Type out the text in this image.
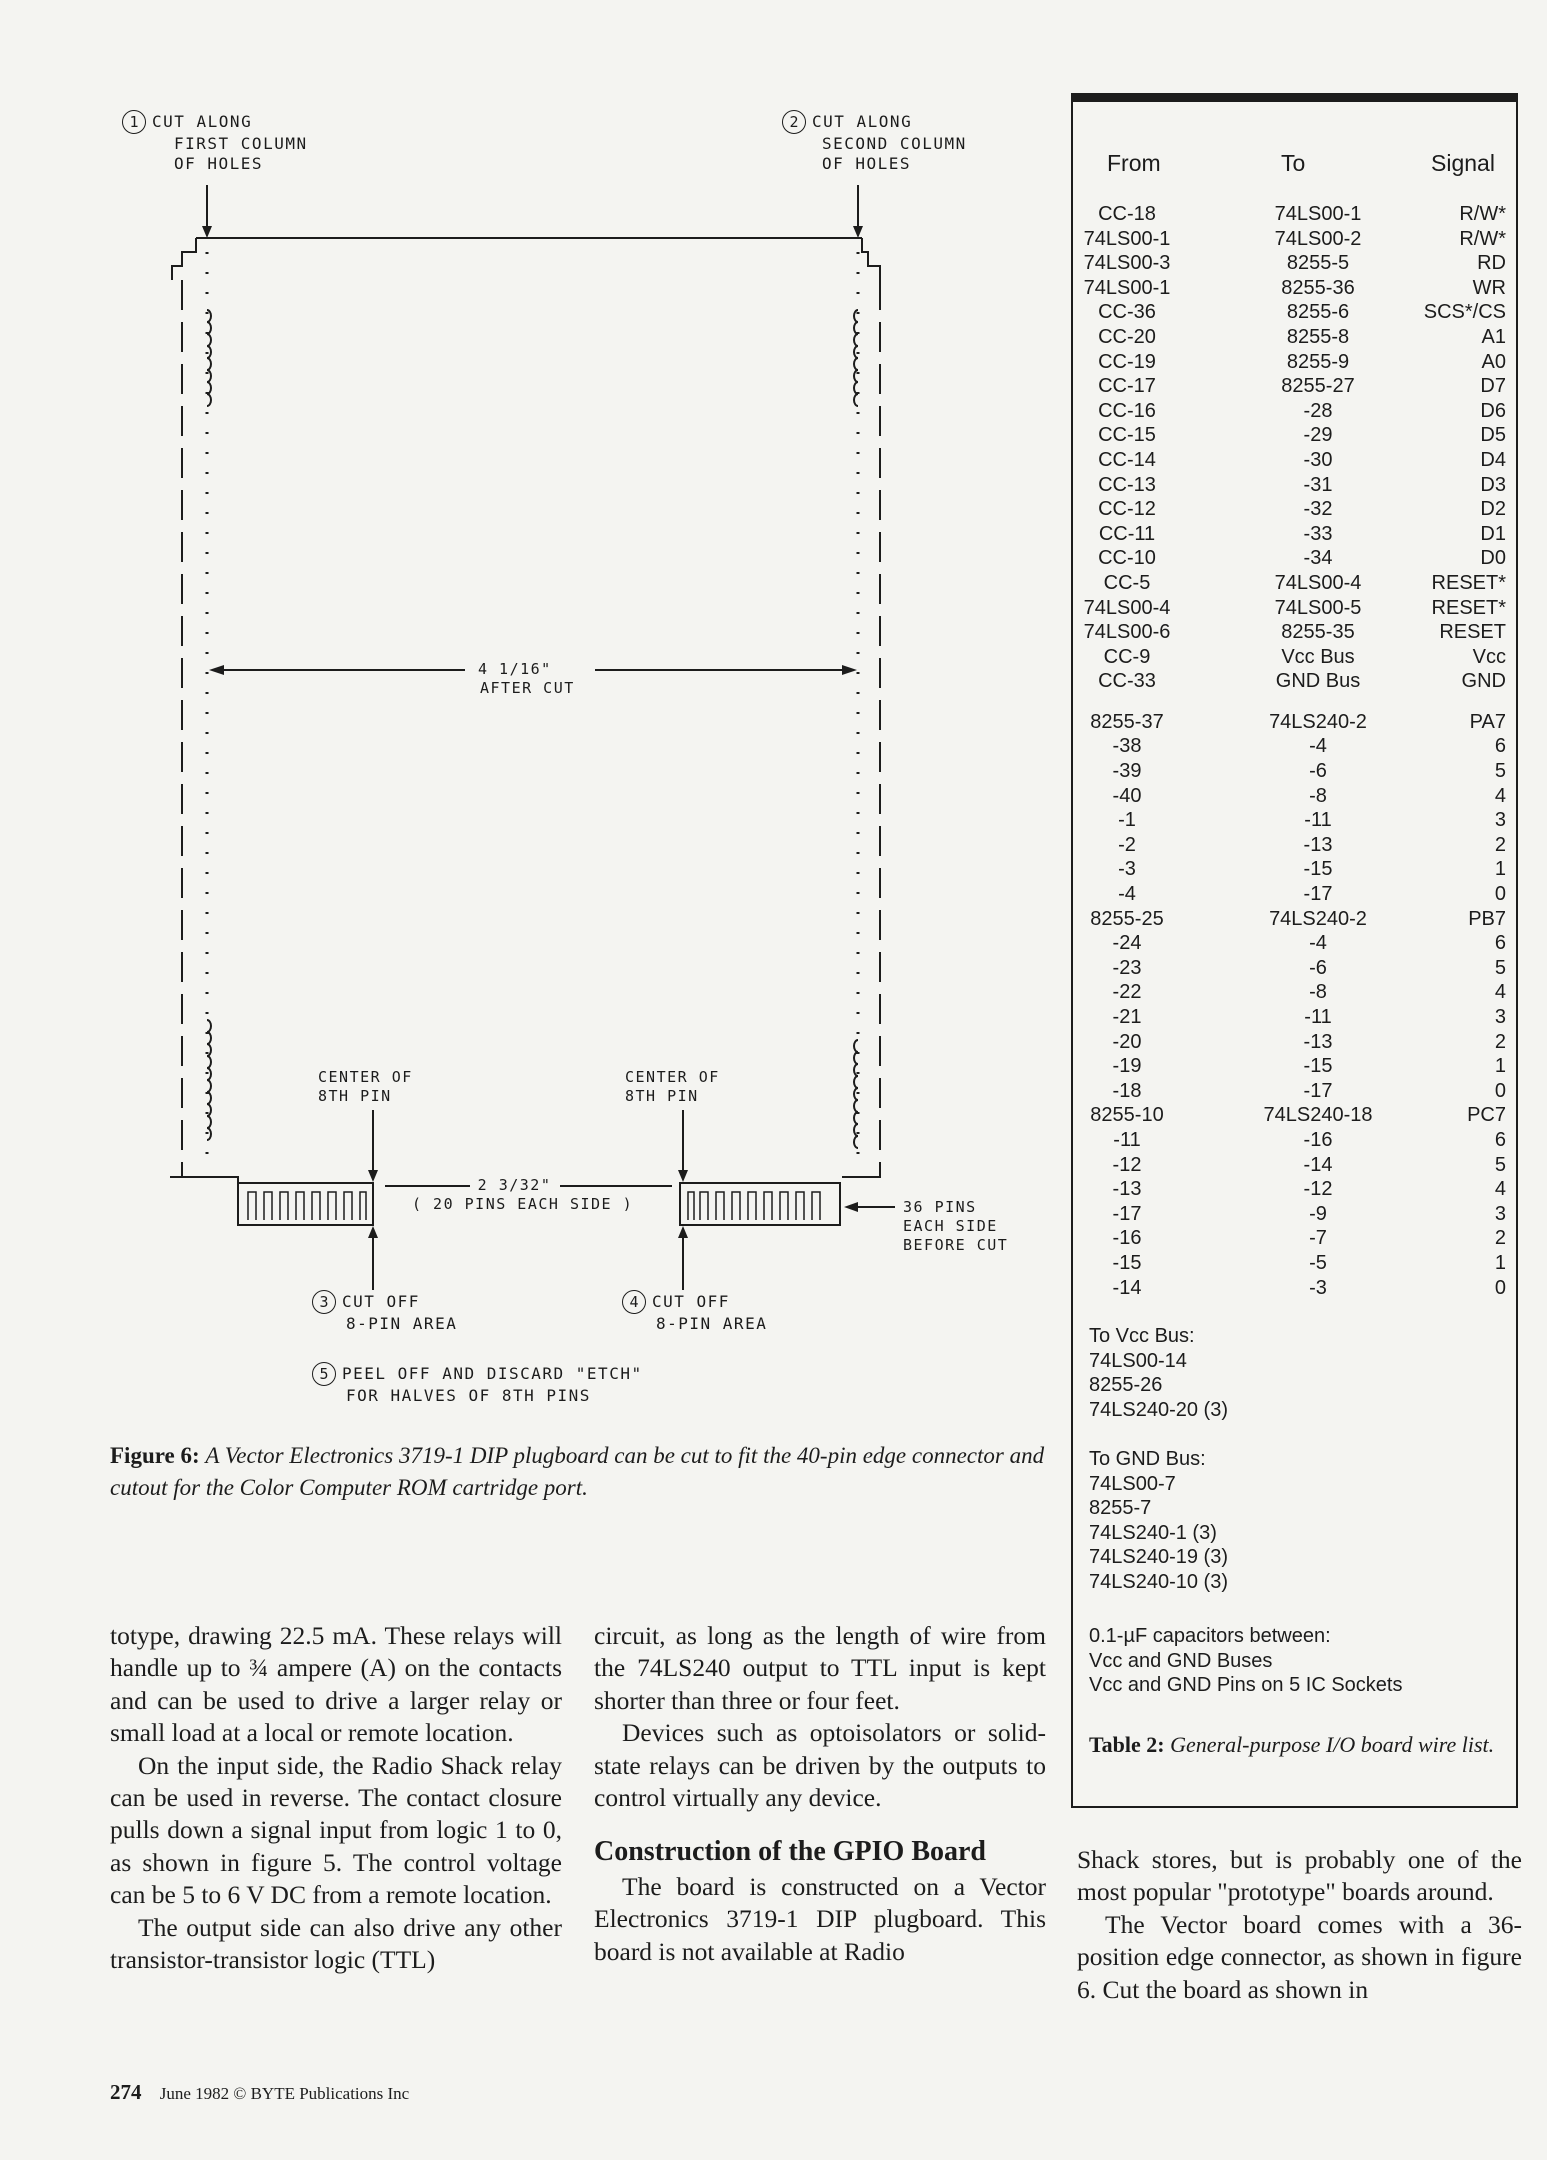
1 CUT ALONG
FIRST COLUMN
OF HOLES
2 CUT ALONG
SECOND COLUMN
OF HOLES
4 1/16"
AFTER CUT
CENTER OF
8TH PIN
CENTER OF
8TH PIN
2 3/32"
( 20 PINS EACH SIDE )	36 PINS
EACH SIDE
BEFORE CUT
3 CUT OFF
8-PIN AREA
4 CUT OFF
8-PIN AREA
5 PEEL OFF AND DISCARD "ETCH"
FOR HALVES OF 8TH PINS
Figure 6: A Vector Electronics 3719-1 DIP plugboard can be cut to fit the 40-pin edge connector and cutout for the Color Computer ROM cartridge port.
From	To	Signal
CC-18	74LS00-1	R/W*
74LS00-1	74LS00-2	R/W*
74LS00-3	8255-5	RD
74LS00-1	8255-36	WR
CC-36	8255-6	SCS*/CS
CC-20	8255-8	A1
CC-19	8255-9	A0
CC-17	8255-27	D7
CC-16	-28	D6
CC-15	-29	D5
CC-14	-30	D4
CC-13	-31	D3
CC-12	-32	D2
CC-11	-33	D1
CC-10	-34	D0
CC-5	74LS00-4	RESET*
74LS00-4	74LS00-5	RESET*
74LS00-6	8255-35	RESET
CC-9	Vcc Bus	Vcc
CC-33	GND Bus	GND
8255-37	74LS240-2	PA7
-38	-4	6
-39	-6	5
-40	-8	4
-1	-11	3
-2	-13	2
-3	-15	1
-4	-17	0
8255-25	74LS240-2	PB7
-24	-4	6
-23	-6	5
-22	-8	4
-21	-11	3
-20	-13	2
-19	-15	1
-18	-17	0
8255-10	74LS240-18	PC7
-11	-16	6
-12	-14	5
-13	-12	4
-17	-9	3
-16	-7	2
-15	-5	1
-14	-3	0
To Vcc Bus:
74LS00-14
8255-26
74LS240-20 (3)
To GND Bus:
74LS00-7
8255-7
74LS240-1 (3)
74LS240-19 (3)
74LS240-10 (3)
0.1-µF capacitors between:
Vcc and GND Buses
Vcc and GND Pins on 5 IC Sockets
Table 2: General-purpose I/O board wire list.

totype, drawing 22.5 mA. These relays will handle up to ¾ ampere (A) on the contacts and can be used to drive a larger relay or small load at a local or remote location.

On the input side, the Radio Shack relay can be used in reverse. The contact closure pulls down a signal input from logic 1 to 0, as shown in figure 5. The control voltage can be 5 to 6 V DC from a remote location.

The output side can also drive any other transistor-transistor logic (TTL)

circuit, as long as the length of wire from the 74LS240 output to TTL input is kept shorter than three or four feet.

Devices such as optoisolators or solid-state relays can be driven by the outputs to control virtually any device.

Construction of the GPIO Board

The board is constructed on a Vector Electronics 3719-1 DIP plugboard. This board is not available at Radio

Shack stores, but is probably one of the most popular "prototype" boards around.

The Vector board comes with a 36-position edge connector, as shown in figure 6. Cut the board as shown in

274 June 1982 © BYTE Publications Inc
